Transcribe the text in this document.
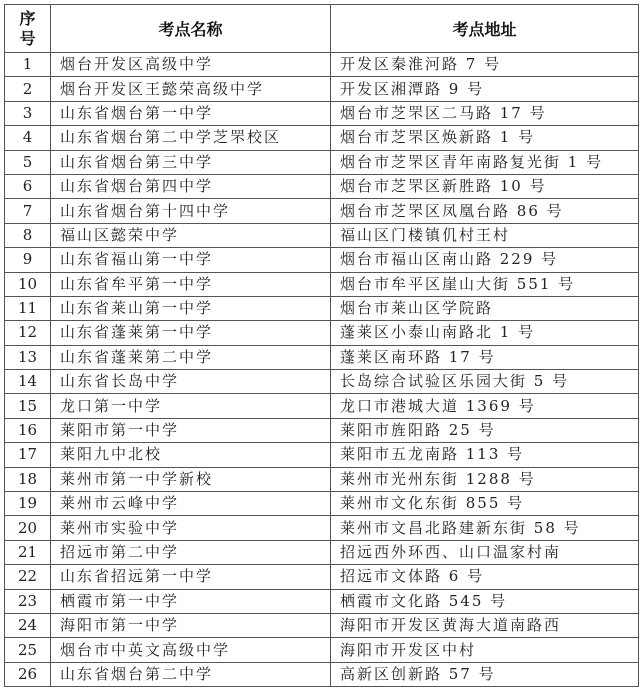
序
号	考点名称	考点地址
1	烟台开发区高级中学	开发区秦淮河路 7 号
2	烟台开发区王懿荣高级中学	开发区湘潭路 9 号
3	山东省烟台第一中学	烟台市芝罘区二马路 17 号
4	山东省烟台第二中学芝罘校区	烟台市芝罘区焕新路 1 号
5	山东省烟台第三中学	烟台市芝罘区青年南路复光街 1 号
6	山东省烟台第四中学	烟台市芝罘区新胜路 10 号
7	山东省烟台第十四中学	烟台市芝罘区凤凰台路 86 号
8	福山区懿荣中学	福山区门楼镇仉村王村
9	山东省福山第一中学	烟台市福山区南山路 229 号
10	山东省牟平第一中学	烟台市牟平区崖山大街 551 号
11	山东省莱山第一中学	烟台市莱山区学院路
12	山东省蓬莱第一中学	蓬莱区小泰山南路北 1 号
13	山东省蓬莱第二中学	蓬莱区南环路 17 号
14	山东省长岛中学	长岛综合试验区乐园大街 5 号
15	龙口第一中学	龙口市港城大道 1369 号
16	莱阳市第一中学	莱阳市旌阳路 25 号
17	莱阳九中北校	莱阳市五龙南路 113 号
18	莱州市第一中学新校	莱州市光州东街 1288 号
19	莱州市云峰中学	莱州市文化东街 855 号
20	莱州市实验中学	莱州市文昌北路建新东街 58 号
21	招远市第二中学	招远西外环西、山口温家村南
22	山东省招远第一中学	招远市文体路 6 号
23	栖霞市第一中学	栖霞市文化路 545 号
24	海阳市第一中学	海阳市开发区黄海大道南路西
25	烟台市中英文高级中学	海阳市开发区中村
26	山东省烟台第二中学	高新区创新路 57 号
